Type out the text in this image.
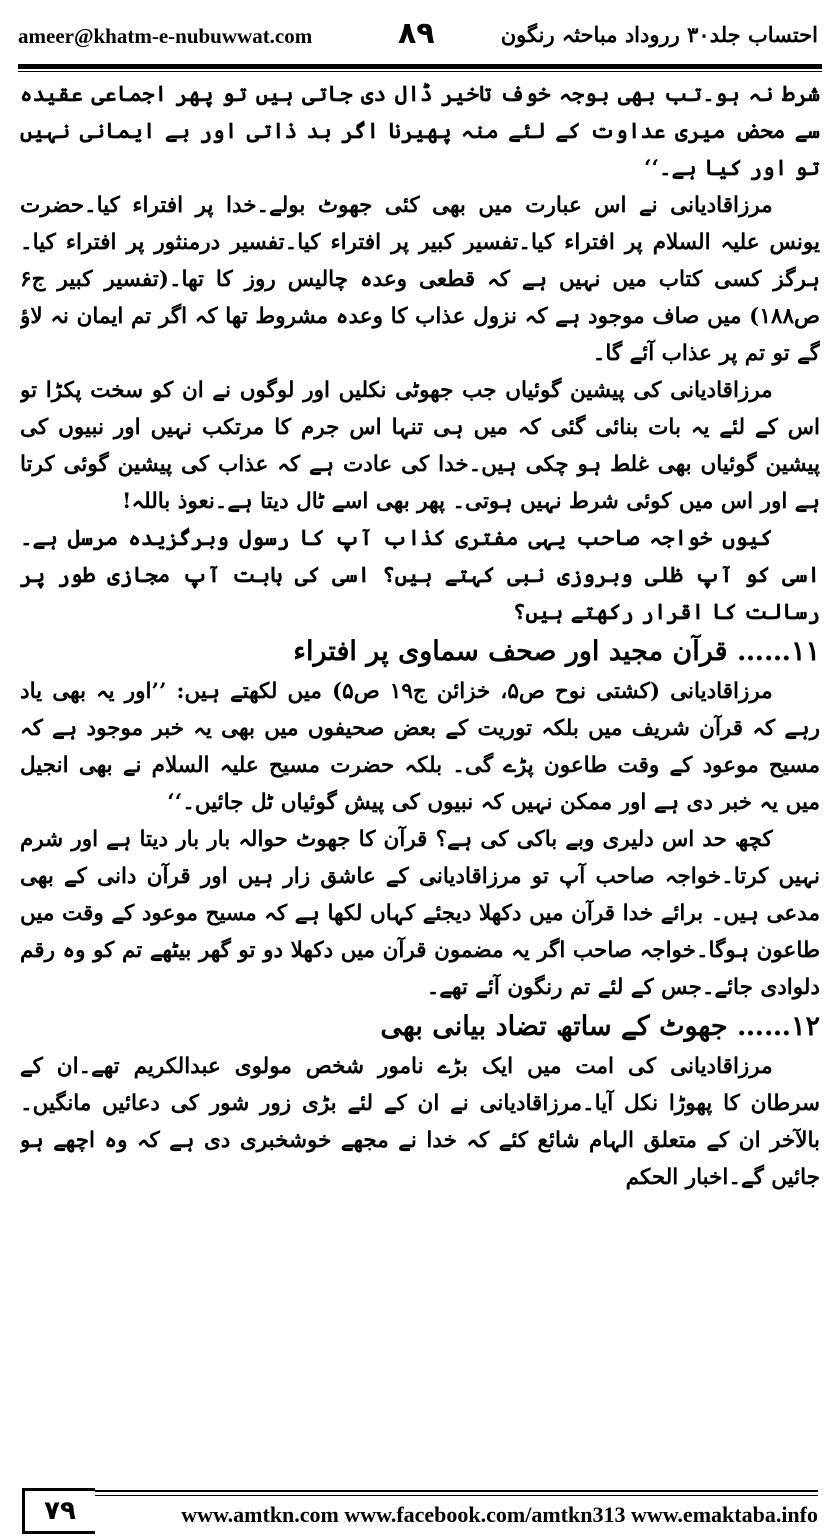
ameer@khatm-e-nubuwwat.com	۸۹	احتساب جلد۳۰ رروداد مباحثہ رنگون

شرط نہ ہو۔تب بھی بوجہ خوف تاخیر ڈال دی جاتی ہیں تو پھر اجماعی عقیدہ سے محض میری عداوت کے لئے منہ پھیرنا اگر بد ذاتی اور بے ایمانی نہیں تو اور کیا ہے۔‘‘

مرزاقادیانی نے اس عبارت میں بھی کئی جھوٹ بولے۔خدا پر افتراء کیا۔حضرت یونس علیہ السلام پر افتراء کیا۔تفسیر کبیر پر افتراء کیا۔تفسیر درمنثور پر افتراء کیا۔ہرگز کسی کتاب میں نہیں ہے کہ قطعی وعدہ چالیس روز کا تھا۔(تفسیر کبیر ج۶ ص۱۸۸) میں صاف موجود ہے کہ نزول عذاب کا وعدہ مشروط تھا کہ اگر تم ایمان نہ لاؤ گے تو تم پر عذاب آئے گا۔

مرزاقادیانی کی پیشین گوئیاں جب جھوٹی نکلیں اور لوگوں نے ان کو سخت پکڑا تو اس کے لئے یہ بات بنائی گئی کہ میں ہی تنہا اس جرم کا مرتکب نہیں اور نبیوں کی پیشین گوئیاں بھی غلط ہو چکی ہیں۔خدا کی عادت ہے کہ عذاب کی پیشین گوئی کرتا ہے اور اس میں کوئی شرط نہیں ہوتی۔ پھر بھی اسے ٹال دیتا ہے۔نعوذ باللہ!

کیوں خواجہ صاحب یہی مفتری کذاب آپ کا رسول وبرگزیدہ مرسل ہے۔اسی کو آپ ظلی وبروزی نبی کہتے ہیں؟ اسی کی بابت آپ مجازی طور پر رسالت کا اقرار رکھتے ہیں؟

۱۱…… قرآن مجید اور صحف سماوی پر افتراء

مرزاقادیانی (کشتی نوح ص۵، خزائن ج۱۹ ص۵) میں لکھتے ہیں: ’’اور یہ بھی یاد رہے کہ قرآن شریف میں بلکہ توریت کے بعض صحیفوں میں بھی یہ خبر موجود ہے کہ مسیح موعود کے وقت طاعون پڑے گی۔ بلکہ حضرت مسیح علیہ السلام نے بھی انجیل میں یہ خبر دی ہے اور ممکن نہیں کہ نبیوں کی پیش گوئیاں ٹل جائیں۔‘‘

کچھ حد اس دلیری وبے باکی کی ہے؟ قرآن کا جھوٹ حوالہ بار بار دیتا ہے اور شرم نہیں کرتا۔خواجہ صاحب آپ تو مرزاقادیانی کے عاشق زار ہیں اور قرآن دانی کے بھی مدعی ہیں۔ برائے خدا قرآن میں دکھلا دیجئے کہاں لکھا ہے کہ مسیح موعود کے وقت میں طاعون ہوگا۔خواجہ صاحب اگر یہ مضمون قرآن میں دکھلا دو تو گھر بیٹھے تم کو وہ رقم دلوادی جائے۔جس کے لئے تم رنگون آئے تھے۔

۱۲…… جھوٹ کے ساتھ تضاد بیانی بھی

مرزاقادیانی کی امت میں ایک بڑے نامور شخص مولوی عبدالکریم تھے۔ان کے سرطان کا پھوڑا نکل آیا۔مرزاقادیانی نے ان کے لئے بڑی زور شور کی دعائیں مانگیں۔بالآخر ان کے متعلق الہام شائع کئے کہ خدا نے مجھے خوشخبری دی ہے کہ وہ اچھے ہو جائیں گے۔اخبار الحکم

۷۹	www.amtkn.com www.facebook.com/amtkn313 www.emaktaba.info
